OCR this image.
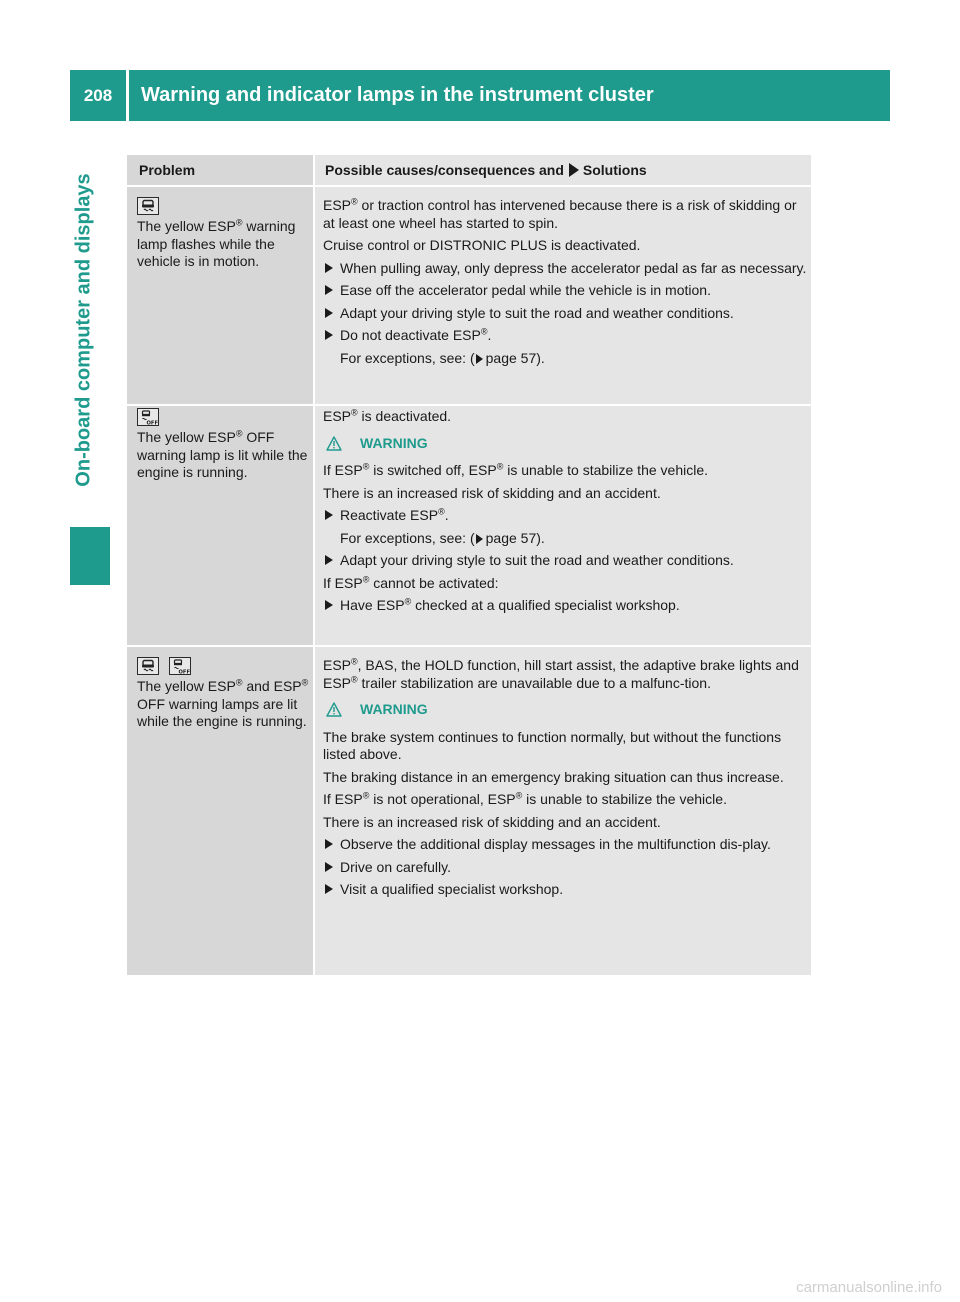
208	Warning and indicator lamps in the instrument cluster
On-board computer and displays
Problem	Possible causes/consequences and Solutions
The yellow ESP® warning lamp flashes while the vehicle is in motion.
ESP® or traction control has intervened because there is a risk of skidding or at least one wheel has started to spin.
Cruise control or DISTRONIC PLUS is deactivated.
When pulling away, only depress the accelerator pedal as far as necessary.
Ease off the accelerator pedal while the vehicle is in motion.
Adapt your driving style to suit the road and weather conditions.
Do not deactivate ESP®.
For exceptions, see: ( page 57).
OFF
The yellow ESP® OFF warning lamp is lit while the engine is running.
ESP® is deactivated.
WARNING
If ESP® is switched off, ESP® is unable to stabilize the vehicle.
There is an increased risk of skidding and an accident.
Reactivate ESP®.
For exceptions, see: ( page 57).
Adapt your driving style to suit the road and weather conditions.
If ESP® cannot be activated:
Have ESP® checked at a qualified specialist workshop.
OFF
The yellow ESP® and ESP® OFF warning lamps are lit while the engine is running.
ESP®, BAS, the HOLD function, hill start assist, the adaptive brake lights and ESP® trailer stabilization are unavailable due to a malfunc-tion.
WARNING
The brake system continues to function normally, but without the functions listed above.
The braking distance in an emergency braking situation can thus increase.
If ESP® is not operational, ESP® is unable to stabilize the vehicle.
There is an increased risk of skidding and an accident.
Observe the additional display messages in the multifunction dis-play.
Drive on carefully.
Visit a qualified specialist workshop.
carmanualsonline.info
